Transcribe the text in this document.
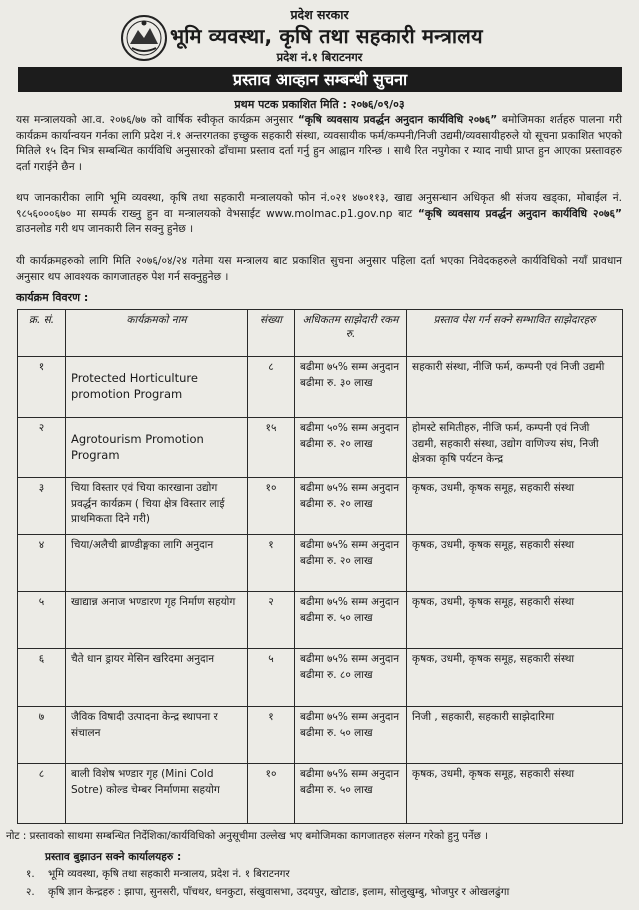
प्रदेश सरकार
भूमि व्यवस्था, कृषि तथा सहकारी मन्त्रालय
प्रदेश नं.१ बिराटनगर
प्रस्ताव आव्हान सम्बन्धी सुचना
प्रथम पटक प्रकाशित मिति : २०७६/०९/०३
यस मन्त्रालयको आ.व. २०७६/७७ को वार्षिक स्वीकृत कार्यक्रम अनुसार “कृषि व्यवसाय प्रवर्द्धन अनुदान कार्यविधि २०७६” बमोजिमका शर्तहरु पालना गरी कार्यक्रम कार्यान्वयन गर्नका लागि प्रदेश नं.१ अन्तरगतका इच्छुक सहकारी संस्था, व्यवसायीक फर्म/कम्पनी/निजी उद्यमी/व्यवसायीहरुले यो सूचना प्रकाशित भएको मितिले १५ दिन भित्र सम्बन्धित कार्यविधि अनुसारको ढाँचामा प्रस्ताव दर्ता गर्नु हुन आह्वान गरिन्छ । साथै रित नपुगेका र म्याद नाघी प्राप्त हुन आएका प्रस्तावहरु दर्ता गराईने छैन ।
थप जानकारीका लागि भूमि व्यवस्था, कृषि तथा सहकारी मन्त्रालयको फोन नं.०२१ ४७०११३, खाद्य अनुसन्धान अधिकृत श्री संजय खड्का, मोबाईल नं. ९८५६०००६७० मा सम्पर्क राख्नु हुन वा मन्त्रालयको वेभसाईट www.molmac.p1.gov.np बाट “कृषि व्यवसाय प्रवर्द्धन अनुदान कार्यविधि २०७६” डाउनलोड गरी थप जानकारी लिन सक्नु हुनेछ ।
यी कार्यक्रमहरुको लागि मिति २०७६/०४/२४ गतेमा यस मन्त्रालय बाट प्रकाशित सुचना अनुसार पहिला दर्ता भएका निवेदकहरुले कार्यविधिको नयाँ प्रावधान अनुसार थप आवश्यक कागजातहरु पेश गर्न सक्नुहुनेछ ।
कार्यक्रम विवरण :
क्र. सं.	कार्यक्रमको नाम	संख्या	अधिकतम साझेदारी रकम रु.	प्रस्ताव पेश गर्न सक्ने सम्भावित साझेदारहरु
१	Protected Horticulture promotion Program	८	बढीमा ७५% सम्म अनुदान बढीमा रु. ३० लाख	सहकारी संस्था, नीजि फर्म, कम्पनी एवं निजी उद्यमी
२	Agrotourism Promotion Program	१५	बढीमा ५०% सम्म अनुदान बढीमा रु. २० लाख	होमस्टे समितीहरु, नीजि फर्म, कम्पनी एवं निजी उद्यमी, सहकारी संस्था, उद्योग वाणिज्य संघ, निजी क्षेत्रका कृषि पर्यटन केन्द्र
३	चिया विस्तार एवं चिया कारखाना उद्योग प्रवर्द्धन कार्यक्रम ( चिया क्षेत्र विस्तार लाई प्राथमिकता दिने गरी)	१०	बढीमा ७५% सम्म अनुदान बढीमा रु. २० लाख	कृषक, उधमी, कृषक समूह, सहकारी संस्था
४	चिया/अलैची ब्राण्डीङ्गका लागि अनुदान	१	बढीमा ७५% सम्म अनुदान बढीमा रु. २० लाख	कृषक, उधमी, कृषक समूह, सहकारी संस्था
५	खाद्यान्न अनाज भण्डारण गृह निर्माण सहयोग	२	बढीमा ७५% सम्म अनुदान बढीमा रु. ५० लाख	कृषक, उधमी, कृषक समूह, सहकारी संस्था
६	चैते धान ड्रायर मेसिन खरिदमा अनुदान	५	बढीमा ७५% सम्म अनुदान बढीमा रु. ८० लाख	कृषक, उधमी, कृषक समूह, सहकारी संस्था
७	जैविक विषादी उत्पादना केन्द्र स्थापना र संचालन	१	बढीमा ७५% सम्म अनुदान बढीमा रु. ५० लाख	निजी , सहकारी, सहकारी साझेदारिमा
८	बाली विशेष भण्डार गृह (Mini Cold Sotre) कोल्ड चेम्बर निर्माणमा सहयोग	१०	बढीमा ७५% सम्म अनुदान बढीमा रु. ५० लाख	कृषक, उधमी, कृषक समूह, सहकारी संस्था
नोट : प्रस्तावको साथमा सम्बन्धित निर्देशिका/कार्यविधिको अनुसूचीमा उल्लेख भए बमोजिमका कागजातहरु संलग्न गरेको हुनु पर्नेछ ।
प्रस्ताव बुझाउन सक्ने कार्यालयहरु :
१. भूमि व्यवस्था, कृषि तथा सहकारी मन्त्रालय, प्रदेश नं. १ बिराटनगर
२. कृषि ज्ञान केन्द्रहरु : झापा, सुनसरी, पाँचथर, धनकुटा, संखुवासभा, उदयपुर, खोटाङ, इलाम, सोलुखुम्बु, भोजपुर र ओखलढुंगा
